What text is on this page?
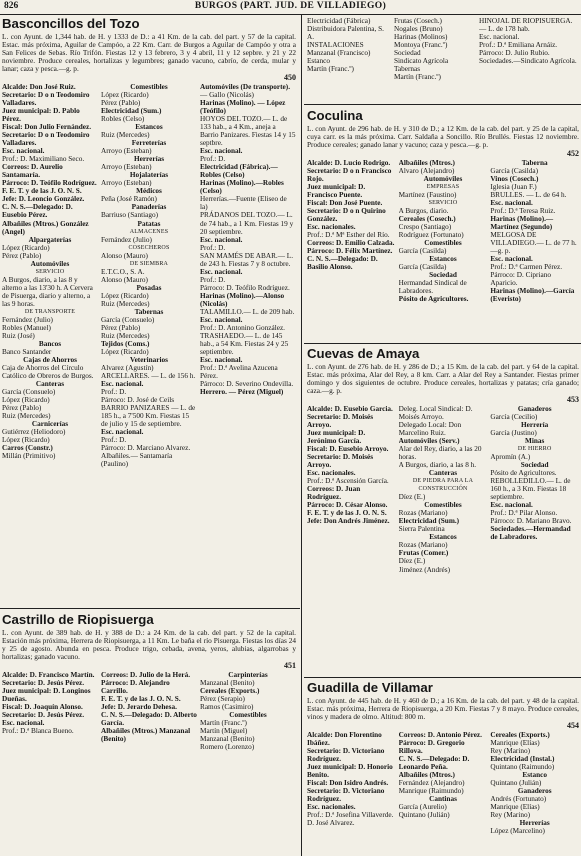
826	BURGOS (PART. JUD. DE VILLADIEGO)
Basconcillos del Tozo
L. con Ayunt. de 1,344 hab. de H. y 1333 de D.: a 41 Km. de la cab. del part. y 57 de la capital. Estac. más próxima, Aguilar de Campóo, a 22 Km. Carr. de Burgos a Aguilar de Campóo y otra a San Felices de Sebas. Río Trifón. Fiestas 12 y 13 febrero, 3 y 4 abril, 11 y 12 sepbre. y 21 y 22 noviembre. Produce cereales, hortalizas y legumbres; ganado vacuno, cabrío, de cerda, mular y lanar; caza y pesca.—g. p.
450
Alcalde: Don José Ruiz.
Secretario: D o n Teodomiro Valladares.
Juez municipal: D. Pablo Pérez.
Fiscal: Don Julio Fernández.
Secretario: D o n Teodomiro Valladares.
Esc. nacional.
Prof.: D. Maximiliano Seco.
Correos: D. Aurelio Santamaría.
Párroco: D. Teófilo Rodríguez.
F. E. T. y de las J. O. N. S.
Jefe: D. Leoncio González.
C. N. S.—Delegado: D. Eusebio Pérez.
Albañiles (Mtros.) González (Angel)
Alpargaterías
López (Ricardo)
Pérez (Pablo)
Automóviles
SERVICIO
A Burgos, diario, a las 8 y alterno a las 13'30 h. A Cervera de Pisuerga, diario y alterno, a las 9 horas.
DE TRANSPORTE
Fernández (Julio)
Robles (Manuel)
Ruiz (José)
Bancos
Banco Santander
Cajas de Ahorros
Caja de Ahorros del Círculo Católico de Obreros de Burgos.
Canteras
García (Consuelo)
López (Ricardo)
Pérez (Pablo)
Ruiz (Mercedes)
Carnicerías
Gutiérrez (Heliodoro)
López (Ricardo)
Carros (Constr.)
Millán (Primitivo)
Comestibles
López (Ricardo)
Pérez (Pablo)
Electricidad (Sum.)
Robles (Celso)
Estancos
Ruiz (Mercedes)
Ferreterías
Arroyo (Esteban)
Herrerías
Arroyo (Esteban)
Hojalaterías
Arroyo (Esteban)
Médicos
Peña (José Ramón)
Panaderías
Barriuso (Santiago)
Patatas
ALMACENES
Fernández (Julio)
COSECHEROS
Alonso (Mauro)
DE SIEMBRA
E.T.C.O., S. A.
Alonso (Mauro)
Posadas
López (Ricardo)
Ruiz (Mercedes)
Tabernas
García (Consuelo)
Pérez (Pablo)
Ruiz (Mercedes)
Tejidos (Coms.)
López (Ricardo)
Veterinarios
Alvarez (Agustín)
ARCELLARES. — L. de 156 h.
Esc. nacional.
Prof.: D.
Párroco: D. José de Ceils
BARRIO PANIZARES — L. de 185 h., a 7'500 Km. Fiestas 15 de julio y 15 de septiembre.
Esc. nacional.
Prof.: D.
Párroco: D. Marciano Alvarez.
Albañiles.— Santamaría (Paulino)
Automóviles (De transporte).
— Gallo (Nicolás)
Harinas (Molino). — López (Teófilo)
HOYOS DEL TOZO.— L. de 133 hab., a 4 Km., aneja a Barrio Panizares. Fiestas 14 y 15 septbre.
Esc. nacional.
Prof.: D.
Electricidad (Fábrica).— Robles (Celso)
Harinas (Molino).—Robles (Celso)
Herrerías.—Fuente (Eliseo de la)
PRÁDANOS DEL TOZO.— L. de 74 hab., a 1 Km. Fiestas 19 y 20 septiembre.
Esc. nacional.
Prof.: D.
SAN MAMÉS DE ABAR.— L. de 243 h. Fiestas 7 y 8 octubre.
Esc. nacional.
Prof.: D.
Párroco: D. Teófilo Rodríguez.
Harinas (Molino).—Alonso (Nicolás)
TALAMILLO.— L. de 209 hab.
Esc. nacional.
Prof.: D. Antonino González.
TRASHAEDO.— L. de 145 hab., a 54 Km. Fiestas 24 y 25 septiembre.
Esc. nacional.
Prof.: D.ª Avelina Azucena Pérez.
Párroco: D. Severino Ondevilla.
Herrero. — Pérez (Miguel)
Coculina
L. con Ayunt. de 296 hab. de H. y 310 de D.; a 12 Km. de la cab. del part. y 25 de la capital, cuya carr. es la más próxima. Carr. Saldaña a Soncillo. Río Brullés. Fiestas 12 noviembre. Produce cereales; ganado lanar y vacuno; caza y pesca.—g. p.
452
Alcalde: D. Lucio Rodrigo.
Secretario: D o n Francisco Rojo.
Juez municipal: D. Francisco Puente.
Fiscal: Don José Puente.
Secretario: D o n Quirino González.
Esc. nacionales.
Prof.: D.ª Mª Esther del Río.
Correos: D. Emilio Calzada.
Párroco: D. Félix Martínez.
C. N. S.—Delegado: D. Basilio Alonso.
Albañiles (Mtros.)
Alvaro (Alejandro)
Automóviles
EMPRESAS
Martínez (Faustino)
SERVICIO
A Burgos, diario.
Cereales (Cosech.)
Crespo (Santiago)
Rodríguez (Fortunato)
Comestibles
García (Casilda)
Estancos
García (Casilda)
Sociedad
Hermandad Sindical de Labradores.
Pósito de Agricultores.
Taberna
García (Casilda)
Vinos (Cosech.)
Iglesia (Juan F.)
BRULLES. — L. de 64 h.
Esc. nacional.
Prof.: D.ª Teresa Ruiz.
Harinas (Molino).—Martínez (Segundo)
MELGOSA DE VILLADIEGO.— L. de 77 h.—g. p.
Esc. nacional.
Prof.: D.ª Carmen Pérez.
Párroco: D. Cipriano Aparicio.
Harinas (Molino).—García (Everisto)
Cuevas de Amaya
L. con Ayunt. de 276 hab. de H. y 286 de D.; a 15 Km. de la cab. del part. y 64 de la capital. Estac. más próxima, Alar del Rey, a 8 km. Carr. a Alar del Rey a Santander. Fiestas primer domingo y dos siguientes de octubre. Produce cereales, hortalizas y patatas; cría ganado; caza.—g. p.
453
Alcalde: D. Eusebio Garcia.
Secretario: D. Moisés Arroyo.
Juez municipal: D. Jerónimo García.
Fiscal: D. Eusebio Arroyo.
Secretario: D. Moisés Arroyo.
Esc. nacionales.
Prof.: D.ª Ascensión García.
Correos: D. Juan Rodríguez.
Párroco: D. César Alonso.
F. E. T. y de las J. O. N. S.
Jefe: Don Andrés Jiménez.
Deleg. Local Sindical: D. Moisés Arroyo.
Delegado Local: Don Marcelino Ruiz.
Automóviles (Serv.)
Alar del Rey, diario, a las 20 horas.
A Burgos, diario, a las 8 h.
Canteras
DE PIEDRA PARA LA CONSTRUCCIÓN
Díez (E.)
Comestibles
Rozas (Mariano)
Electricidad (Sum.)
Sierra Palentina
Estancos
Rozas (Mariano)
Frutas (Comer.)
Díez (E.)
Jiménez (Andrés)
Ganaderos
García (Cecilio)
Herrería
García (Justino)
Minas
DE HIERRO
Apromín (A.)
Sociedad
Pósito de Agricultores.
REBOLLEDILLO.— L. de 160 h., a 3 Km. Fiestas 18 septiembre.
Esc. nacional.
Prof.: D.ª Pilar Alonso.
Párroco: D. Mariano Bravo.
Sociedades.—Hermandad de Labradores.
Castrillo de Riopisuerga
L. con Ayunt. de 389 hab. de H. y 388 de D.: a 24 Km. de la cab. del part. y 52 de la capital. Estación más próxima, Herrera de Riopisuerga, a 11 Km. Le baña el río Pisuerga. Fiestas los días 24 y 25 de agosto. Abunda en pesca. Produce trigo, cebada, avena, yeros, alubias, algarrobas y hortalizas; ganado vacuno.
451
Alcalde: D. Francisco Martín.
Secretario: D. Jesús Pérez.
Juez municipal: D. Longinos Dueñas.
Fiscal: D. Joaquín Alonso.
Secretario: D. Jesús Pérez.
Esc. nacional.
Prof.: D.ª Blanca Bueno.
Correos: D. Julio de la Herá.
Párroco: D. Alejandro Carrillo.
F. E. T. y de las J. O. N. S.
Jefe: D. Jerardo Dehesa.
C. N. S.—Delegado: D. Alberto García.
Albañiles (Mtros.) Manzanal (Benito)
Carpinterías
Manzanal (Benito)
Cereales (Exports.)
Pérez (Serapio)
Ramos (Casimiro)
Comestibles
Martín (Franc.º)
Martín (Miguel)
Manzanal (Benito)
Romero (Lorenzo)
Guadilla de Villamar
L. con Ayunt. de 445 hab. de H. y 460 de D.; a 16 Km. de la cab. del part. y 48 de la capital. Estac. más próxima, Herrera de Riopisuerga, a 20 Km. Fiestas 7 y 8 mayo. Produce cereales, vinos y madera de olmo. Altitud: 800 m.
454
Alcalde: Don Florentino Ibáñez.
Secretario: D. Victoriano Rodríguez.
Juez municipal: D. Honorio Benito.
Fiscal: Don Isidro Andrés.
Secretario: D. Victoriano Rodríguez.
Esc. nacionales.
Prof.: D.ª Josefina Villaverde.
D. José Alvarez.
Correos: D. Antonio Pérez.
Párroco: D. Gregorio Rillova.
C. N. S.—Delegado: D. Leonardo Peña.
Albañiles (Mtros.)
Fernández (Alejandro)
Manrique (Raimundo)
Cantinas
García (Aurelio)
Quintano (Julián)
Cereales (Exports.)
Manrique (Elías)
Rey (Marino)
Electricidad (Instal.)
Quintano (Raimundo)
Estanco
Quintano (Julián)
Ganaderos
Andrés (Fortunato)
Manrique (Elías)
Rey (Marino)
Herrerías
López (Marcelino)
Electricidad (Fábrica)
Distribuidora Palentina, S. A.
INSTALACIONES
Manzanal (Francisco)
Estanco
Martín (Franc.º)
Frutas (Cosech.)
Nogales (Bruno)
Harinas (Molinos)
Montoya (Franc.º)
Sociedad
Sindicato Agrícola
Tabernas
Martín (Franc.º)
HINOJAL DE RIOPISUERGA.— L. de 178 hab.
Esc. nacional.
Prof.: D.ª Emiliana Arnáiz.
Párroco: D. Julio Rubio.
Sociedades.—Sindicato Agrícola.
